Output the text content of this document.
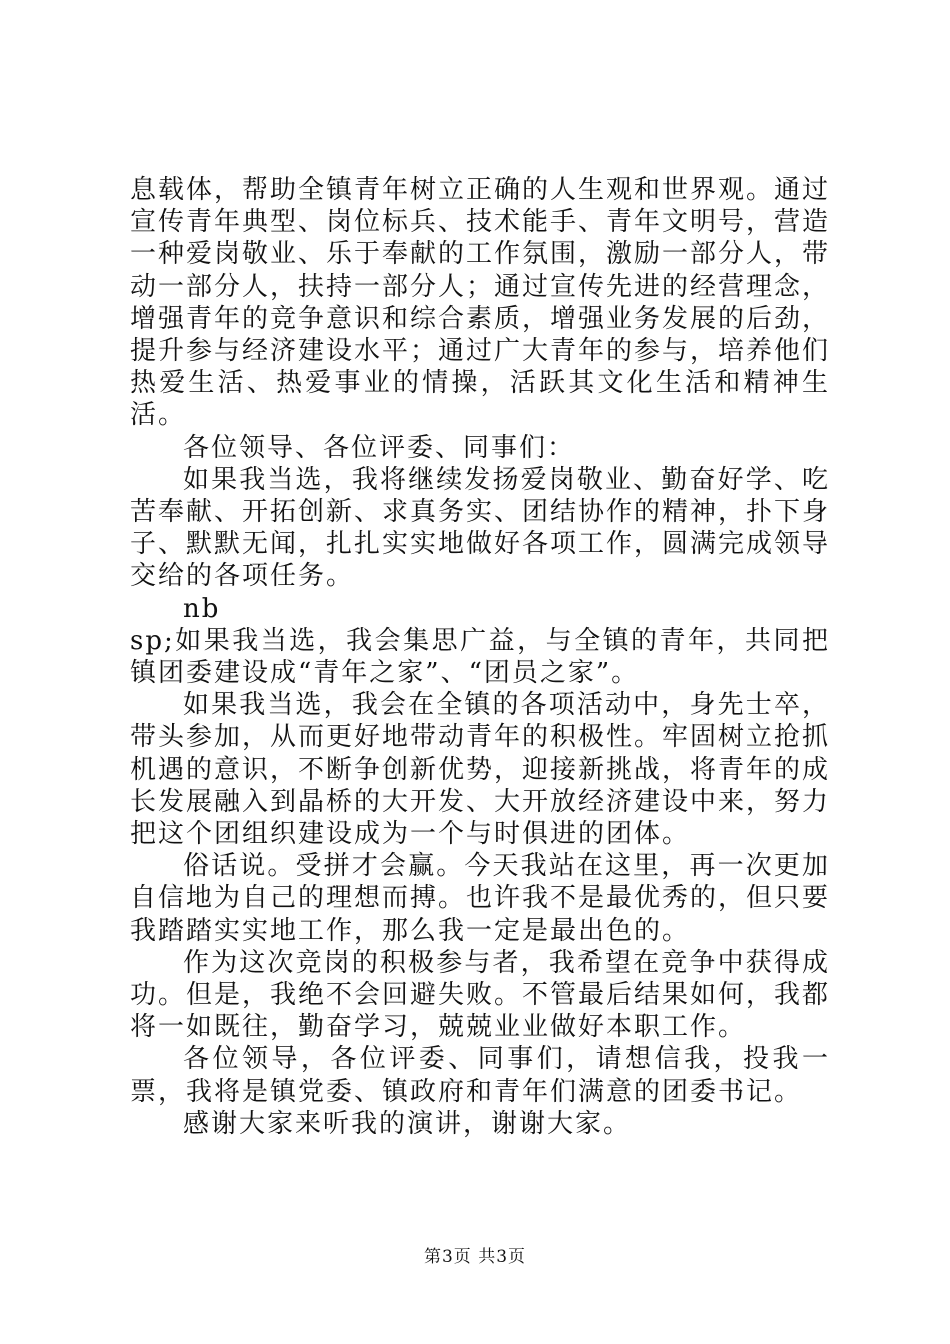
息载体，帮助全镇青年树立正确的人生观和世界观。通过宣传青年典型、岗位标兵、技术能手、青年文明号，营造一种爱岗敬业、乐于奉献的工作氛围，激励一部分人，带动一部分人，扶持一部分人；通过宣传先进的经营理念，增强青年的竞争意识和综合素质，增强业务发展的后劲，提升参与经济建设水平；通过广大青年的参与，培养他们热爱生活、热爱事业的情操，活跃其文化生活和精神生活。

各位领导、各位评委、同事们：

如果我当选，我将继续发扬爱岗敬业、勤奋好学、吃苦奉献、开拓创新、求真务实、团结协作的精神，扑下身子、默默无闻，扎扎实实地做好各项工作，圆满完成领导交给的各项任务。

nb

sp;如果我当选，我会集思广益，与全镇的青年，共同把镇团委建设成“青年之家”、“团员之家”。

如果我当选，我会在全镇的各项活动中，身先士卒，带头参加，从而更好地带动青年的积极性。牢固树立抢抓机遇的意识，不断争创新优势，迎接新挑战，将青年的成长发展融入到晶桥的大开发、大开放经济建设中来，努力把这个团组织建设成为一个与时俱进的团体。

俗话说。受拼才会赢。今天我站在这里，再一次更加自信地为自己的理想而搏。也许我不是最优秀的，但只要我踏踏实实地工作，那么我一定是最出色的。

作为这次竞岗的积极参与者，我希望在竞争中获得成功。但是，我绝不会回避失败。不管最后结果如何，我都将一如既往，勤奋学习，兢兢业业做好本职工作。

各位领导，各位评委、同事们，请想信我，投我一票，我将是镇党委、镇政府和青年们满意的团委书记。

感谢大家来听我的演讲，谢谢大家。

第3页 共3页
